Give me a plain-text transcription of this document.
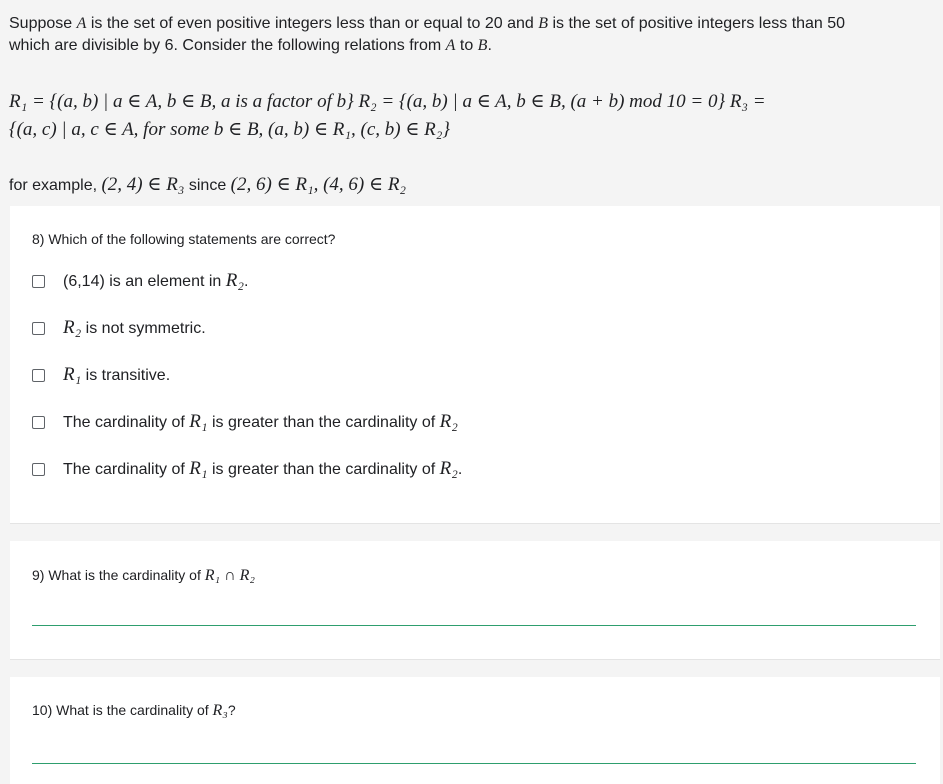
Suppose A is the set of even positive integers less than or equal to 20 and B is the set of positive integers less than 50

which are divisible by 6. Consider the following relations from A to B.

R₁ = {(a, b) | a ∈ A, b ∈ B, a is a factor of b} R₂ = {(a, b) | a ∈ A, b ∈ B, (a + b) mod 10 = 0} R₃ =
{(a, c) | a, c ∈ A, for some b ∈ B, (a, b) ∈ R₁, (c, b) ∈ R₂}
for example, (2, 4) ∈ R₃ since (2, 6) ∈ R₁, (4, 6) ∈ R₂
8) Which of the following statements are correct?
(6,14) is an element in R₂.
R₂ is not symmetric.
R₁ is transitive.
The cardinality of R₁ is greater than the cardinality of R₂
The cardinality of R₁ is greater than the cardinality of R₂.
9) What is the cardinality of R₁ ∩ R₂
10) What is the cardinality of R₃?
